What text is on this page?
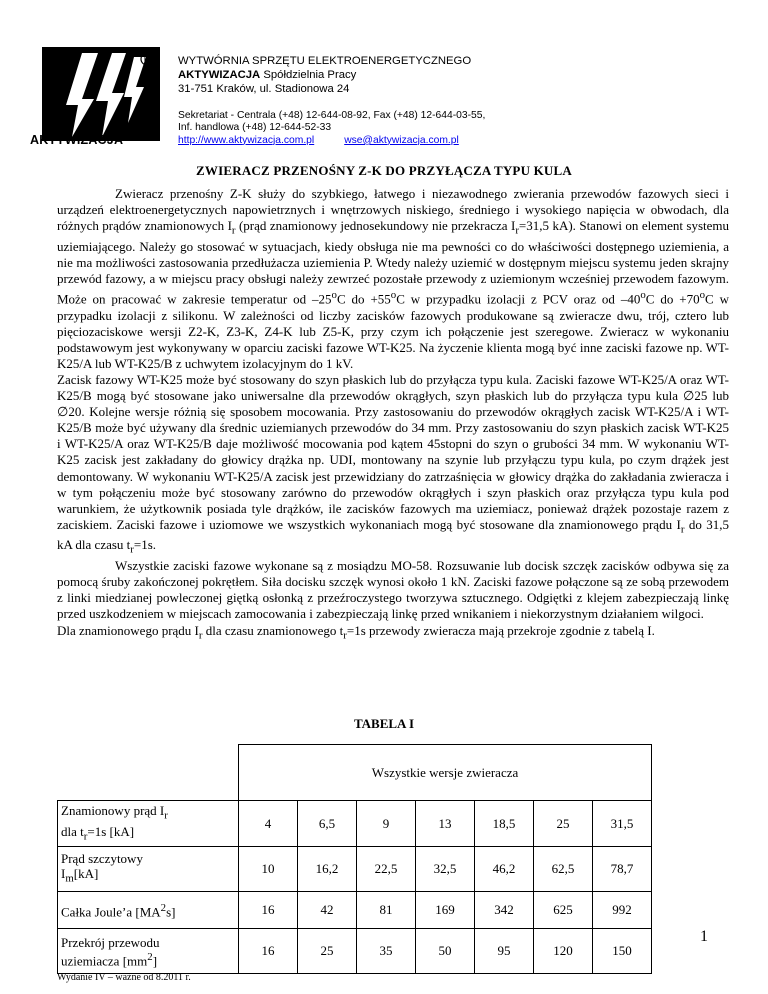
R
AKTYWIZACJA
WYTWÓRNIA SPRZĘTU ELEKTROENERGETYCZNEGO
AKTYWIZACJA Spółdzielnia Pracy
31-751 Kraków, ul. Stadionowa 24
Sekretariat - Centrala (+48) 12-644-08-92, Fax (+48) 12-644-03-55,
Inf. handlowa (+48) 12-644-52-33
http://www.aktywizacja.com.pl	wse@aktywizacja.com.pl
ZWIERACZ PRZENOŚNY Z-K DO PRZYŁĄCZA TYPU KULA

Zwieracz przenośny Z-K służy do szybkiego, łatwego i niezawodnego zwierania przewodów fazowych sieci i urządzeń elektroenergetycznych napowietrznych i wnętrzowych niskiego, średniego i wysokiego napięcia w obwodach, dla różnych prądów znamionowych $I_r$ (prąd znamionowy jednosekundowy nie przekracza $I_r=31,5$ kA). Stanowi on element systemu uziemiającego. Należy go stosować w sytuacjach, kiedy obsługa nie ma pewności co do właściwości dostępnego uziemienia, a nie ma możliwości zastosowania przedłużacza uziemienia P. Wtedy należy uziemić w dostępnym miejscu systemu jeden skrajny przewód fazowy, a w miejscu pracy obsługi należy zewrzeć pozostałe przewody z uziemionym wcześniej przewodem fazowym. Może on pracować w zakresie temperatur od –25$^o$C do $+55^oC$ w przypadku izolacji z PCV oraz od –40$^o$C do $+70^oC$ w przypadku izolacji z silikonu. W zależności od liczby zacisków fazowych produkowane są zwieracze dwu, trój, cztero lub pięciozaciskowe wersji Z2-K, Z3-K, Z4-K lub Z5-K, przy czym ich połączenie jest szeregowe. Zwieracz w wykonaniu podstawowym jest wykonywany w oparciu zaciski fazowe WT-K25. Na życzenie klienta mogą być inne zaciski fazowe np. WT-K25/A lub WT-K25/B z uchwytem izolacyjnym do 1 kV.

Zacisk fazowy WT-K25 może być stosowany do szyn płaskich lub do przyłącza typu kula. Zaciski fazowe WT-K25/A oraz WT-K25/B mogą być stosowane jako uniwersalne dla przewodów okrągłych, szyn płaskich lub do przyłącza typu kula ∅25 lub ∅20. Kolejne wersje różnią się sposobem mocowania. Przy zastosowaniu do przewodów okrągłych zacisk WT-K25/A i WT-K25/B może być używany dla średnic uziemianych przewodów do 34 mm. Przy zastosowaniu do szyn płaskich zacisk WT-K25 i WT-K25/A oraz WT-K25/B daje możliwość mocowania pod kątem 45stopni do szyn o grubości 34 mm. W wykonaniu WT-K25 zacisk jest zakładany do głowicy drążka np. UDI, montowany na szynie lub przyłączu typu kula, po czym drążek jest demontowany. W wykonaniu WT-K25/A zacisk jest przewidziany do zatrzaśnięcia w głowicy drążka do zakładania zwieracza i w tym połączeniu może być stosowany zarówno do przewodów okrągłych i szyn płaskich oraz przyłącza typu kula pod warunkiem, że użytkownik posiada tyle drążków, ile zacisków fazowych ma uziemiacz, ponieważ drążek pozostaje razem z zaciskiem. Zaciski fazowe i uziomowe we wszystkich wykonaniach mogą być stosowane dla znamionowego prądu $I_r$ do 31,5 kA dla czasu $t_r=1s$.

Wszystkie zaciski fazowe wykonane są z mosiądzu MO-58. Rozsuwanie lub docisk szczęk zacisków odbywa się za pomocą śruby zakończonej pokrętłem. Siła docisku szczęk wynosi około 1 kN. Zaciski fazowe połączone są ze sobą przewodem z linki miedzianej powleczonej giętką osłonką z przeźroczystego tworzywa sztucznego. Odgiętki z klejem zabezpieczają linkę przed uszkodzeniem w miejscach zamocowania i zabezpieczają linkę przed wnikaniem i niekorzystnym działaniem wilgoci.

Dla znamionowego prądu $I_r$ dla czasu znamionowego $t_r=1s$ przewody zwieracza mają przekroje zgodnie z tabelą I.

TABELA I
	Wszystkie wersje zwieracza						
Znamionowy prąd $I_r$
dla $t_r=1s$ [kA]	4	6,5	9	13	18,5	25	31,5
Prąd szczytowy
$I_m[kA]$	10	16,2	22,5	32,5	46,2	62,5	78,7
Całka Joule’a $[MA^2s]$	16	42	81	169	342	625	992
Przekrój przewodu
uziemiacza $[mm^2]$	16	25	35	50	95	120	150
1
Wydanie IV – ważne od 8.2011 r.
